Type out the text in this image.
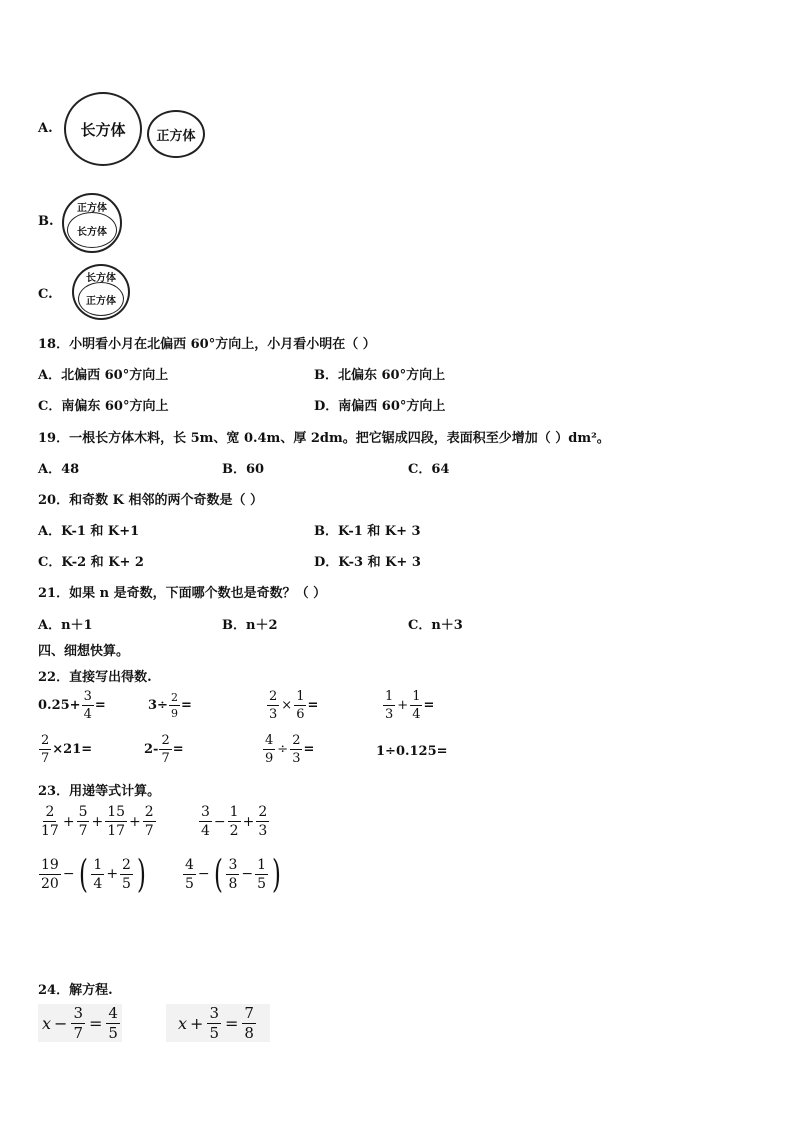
A. 长方体 正方体
B.
正方体
长方体
C.
长方体
正方体
18．小明看小月在北偏西 60°方向上，小月看小明在（ ）
A．北偏西 60°方向上	B．北偏东 60°方向上
C．南偏东 60°方向上	D．南偏西 60°方向上
19．一根长方体木料，长 5m、宽 0.4m、厚 2dm。把它锯成四段，表面积至少增加（ ）dm²。
A．48	B．60	C．64
20．和奇数 K 相邻的两个奇数是（ ）
A．K-1 和 K+1	B．K-1 和 K+ 3
C．K-2 和 K+ 2	D．K-3 和 K+ 3
21．如果 n 是奇数，下面哪个数也是奇数？（ ）
A．n＋1	B．n＋2	C．n＋3
四、细想快算。
22．直接写出得数.
$0.25+ \frac{3}{4}$ =	$3\div \frac{2}{9}$ =	$\frac{2}{3} \times \frac{1}{6}$ =	$\frac{1}{3} + \frac{1}{4}$ =
$\frac{2}{7} \times 21=$	$2- \frac{2}{7}$ =	$\frac{4}{9} \div \frac{2}{3}$ =	1÷0.125=
23．用递等式计算。
$\frac{2}{17} + \frac{5}{7} + \frac{15}{17} + \frac{2}{7}$	$\frac{3}{4} - \frac{1}{2} + \frac{2}{3}$
$\frac{19}{20}$ − ( $\frac{1}{4} + \frac{2}{5}$ )	$\frac{4}{5}$ − ( $\frac{3}{8} - \frac{1}{5}$ )
24．解方程.
$x - \frac{3}{7} = \frac{4}{5}$	$x + \frac{3}{5} = \frac{7}{8}$
